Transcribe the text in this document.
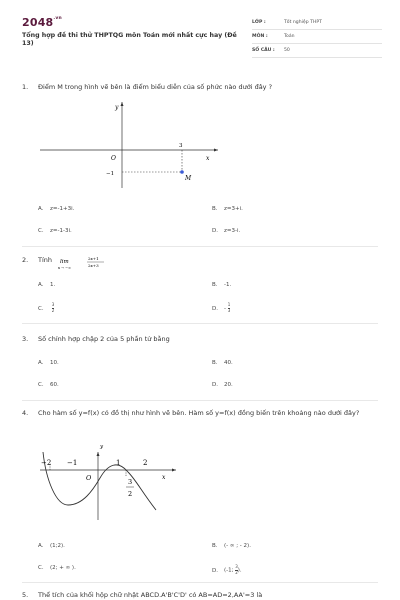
$2048^{.vn}$
Tổng hợp đề thi thử THPTQG môn Toán mới nhất cực hay (Đề 13)
LỚP :	Tốt nghiệp THPT
MÔN :	Toán
SỐ CÂU :	50
1. Điểm M trong hình vẽ bên là điểm biểu diễn của số phức nào dưới đây ?
y
x
O
3
−1
M
A. z=-1+3i.	B. z=3+i.
C. z=-1-3i.	D. z=3-i.
2. Tính	lim
x → −∞
2x+1
2x+3
A. 1.	B. -1.
C. $\frac{3}{2}$	D. - $\frac{1}{3}$
3. Số chỉnh hợp chập 2 của 5 phần tử bằng
A. 10.	B. 40.
C. 60.	D. 20.
4. Cho hàm số y=f(x) có đồ thị như hình vẽ bên. Hàm số y=f(x) đồng biến trên khoảng nào dưới đây?
−2 −1	1	2
y
x
O	3
2
A. (1;2).	B. (- ∞ ; - 2).
C. (2; + ∞ ).	D. (-1; $\frac{3}{2}$ ).
5. Thể tích của khối hộp chữ nhật ABCD.A'B'C'D' có AB=AD=2,AA'=3 là
